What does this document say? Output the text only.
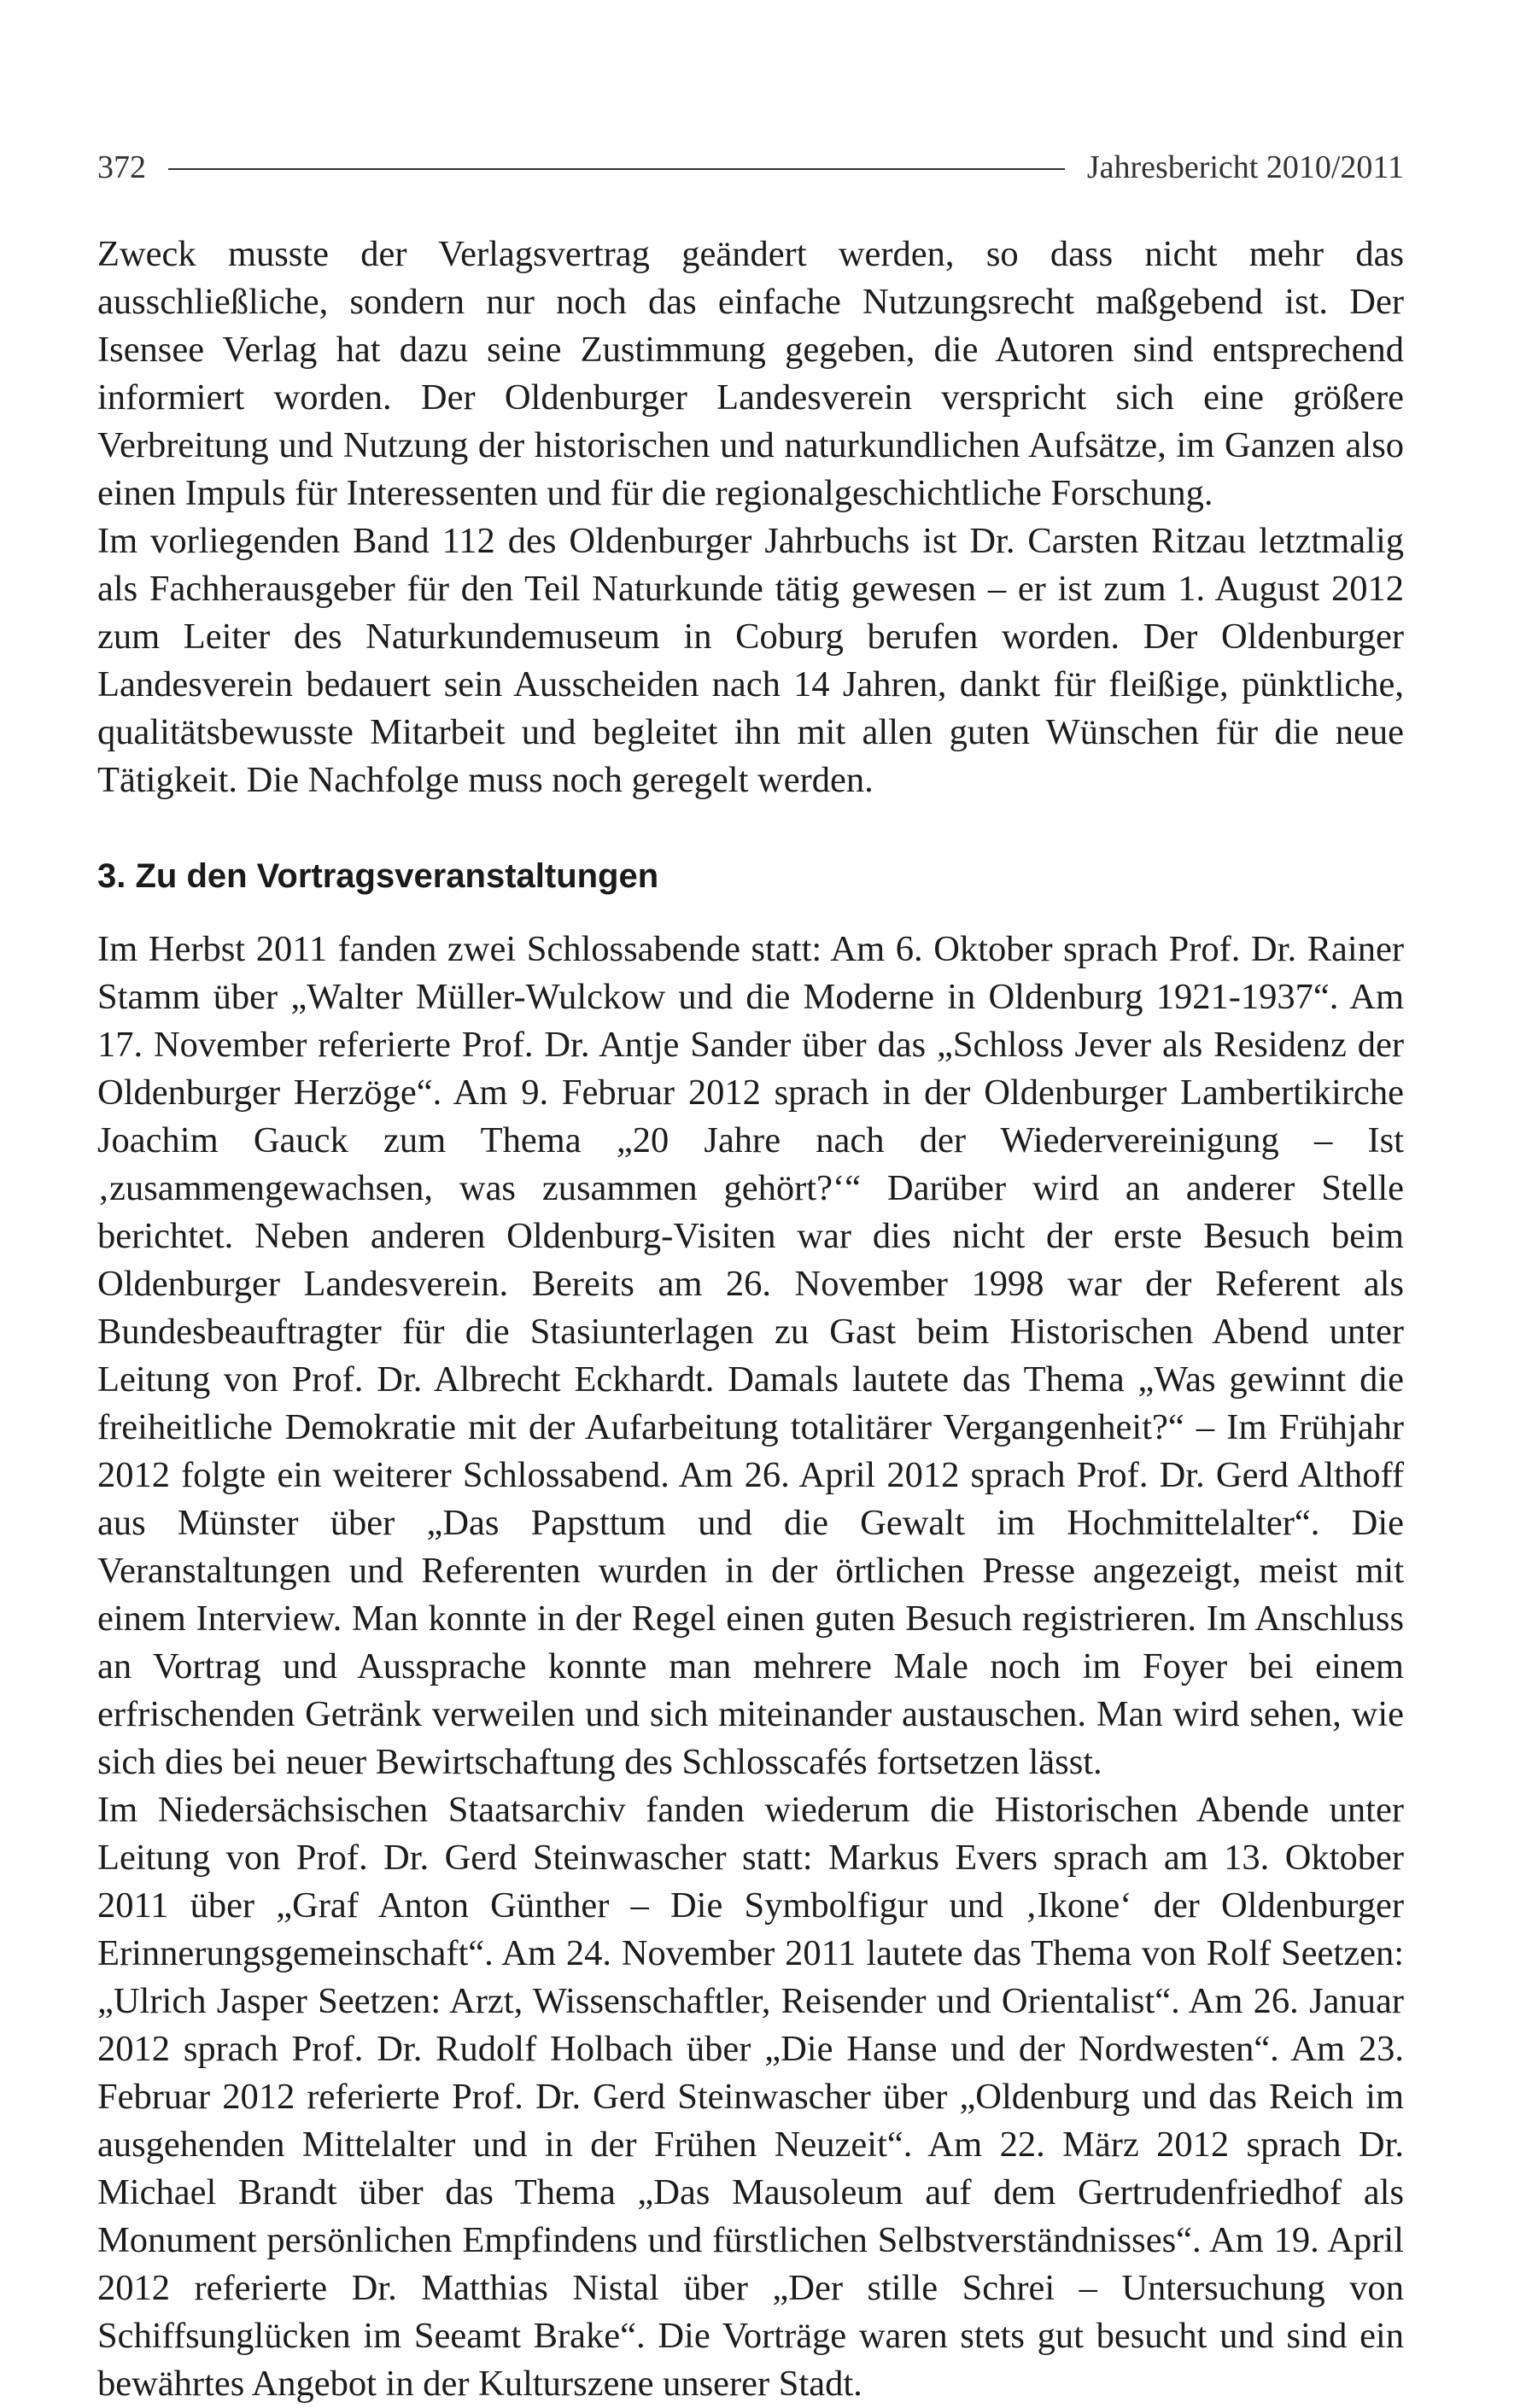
372	Jahresbericht 2010/2011

Zweck musste der Verlagsvertrag geändert werden, so dass nicht mehr das ausschließliche, sondern nur noch das einfache Nutzungsrecht maßgebend ist. Der Isensee Verlag hat dazu seine Zustimmung gegeben, die Autoren sind entsprechend informiert worden. Der Oldenburger Landesverein verspricht sich eine größere Verbreitung und Nutzung der historischen und naturkundlichen Aufsätze, im Ganzen also einen Impuls für Interessenten und für die regionalgeschichtliche Forschung.

Im vorliegenden Band 112 des Oldenburger Jahrbuchs ist Dr. Carsten Ritzau letztmalig als Fachherausgeber für den Teil Naturkunde tätig gewesen – er ist zum 1. August 2012 zum Leiter des Naturkundemuseum in Coburg berufen worden. Der Oldenburger Landesverein bedauert sein Ausscheiden nach 14 Jahren, dankt für fleißige, pünktliche, qualitätsbewusste Mitarbeit und begleitet ihn mit allen guten Wünschen für die neue Tätigkeit. Die Nachfolge muss noch geregelt werden.

3. Zu den Vortragsveranstaltungen

Im Herbst 2011 fanden zwei Schlossabende statt: Am 6. Oktober sprach Prof. Dr. Rainer Stamm über „Walter Müller-Wulckow und die Moderne in Oldenburg 1921-1937“. Am 17. November referierte Prof. Dr. Antje Sander über das „Schloss Jever als Residenz der Oldenburger Herzöge“. Am 9. Februar 2012 sprach in der Oldenburger Lambertikirche Joachim Gauck zum Thema „20 Jahre nach der Wiedervereinigung – Ist ‚zusammengewachsen, was zusammen gehört?‘“ Darüber wird an anderer Stelle berichtet. Neben anderen Oldenburg-Visiten war dies nicht der erste Besuch beim Oldenburger Landesverein. Bereits am 26. November 1998 war der Referent als Bundesbeauftragter für die Stasiunterlagen zu Gast beim Historischen Abend unter Leitung von Prof. Dr. Albrecht Eckhardt. Damals lautete das Thema „Was gewinnt die freiheitliche Demokratie mit der Aufarbeitung totalitärer Vergangenheit?“ – Im Frühjahr 2012 folgte ein weiterer Schlossabend. Am 26. April 2012 sprach Prof. Dr. Gerd Althoff aus Münster über „Das Papsttum und die Gewalt im Hochmittelalter“. Die Veranstaltungen und Referenten wurden in der örtlichen Presse angezeigt, meist mit einem Interview. Man konnte in der Regel einen guten Besuch registrieren. Im Anschluss an Vortrag und Aussprache konnte man mehrere Male noch im Foyer bei einem erfrischenden Getränk verweilen und sich miteinander austauschen. Man wird sehen, wie sich dies bei neuer Bewirtschaftung des Schlosscafés fortsetzen lässt.

Im Niedersächsischen Staatsarchiv fanden wiederum die Historischen Abende unter Leitung von Prof. Dr. Gerd Steinwascher statt: Markus Evers sprach am 13. Oktober 2011 über „Graf Anton Günther – Die Symbolfigur und ‚Ikone‘ der Oldenburger Erinnerungsgemeinschaft“. Am 24. November 2011 lautete das Thema von Rolf Seetzen: „Ulrich Jasper Seetzen: Arzt, Wissenschaftler, Reisender und Orientalist“. Am 26. Januar 2012 sprach Prof. Dr. Rudolf Holbach über „Die Hanse und der Nordwesten“. Am 23. Februar 2012 referierte Prof. Dr. Gerd Steinwascher über „Oldenburg und das Reich im ausgehenden Mittelalter und in der Frühen Neuzeit“. Am 22. März 2012 sprach Dr. Michael Brandt über das Thema „Das Mausoleum auf dem Gertrudenfriedhof als Monument persönlichen Empfindens und fürstlichen Selbstverständnisses“. Am 19. April 2012 referierte Dr. Matthias Nistal über „Der stille Schrei – Untersuchung von Schiffsunglücken im Seeamt Brake“. Die Vorträge waren stets gut besucht und sind ein bewährtes Angebot in der Kulturszene unserer Stadt.
